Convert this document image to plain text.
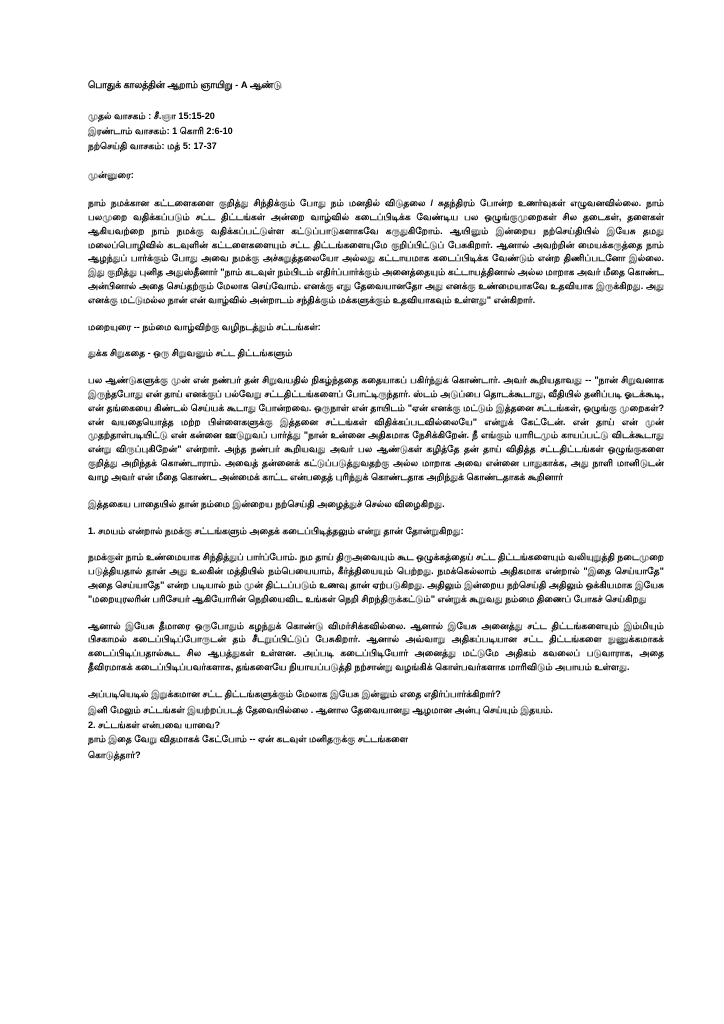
பொதுக் காலத்தின் ஆறாம் ஞாயிறு - A ஆண்டு
முதல் வாசகம் : சீ.ஞா 15:15-20
இரண்டாம் வாசகம்: 1 கொரி 2:6-10
நற்செய்தி வாசகம்: மத் 5: 17-37
முன்னுரை:

நாம் நமக்கான கட்டளைகளை குறித்து சிந்திக்கும் போது நம் மனதில் விடுதலை / சுதந்திரம் போன்ற உணர்வுகள் எழுவனவில்லை. நாம் பலமுறை வதிக்கப்படும் சட்ட திட்டங்கள் அன்றை வாழ்வில் கடைப்பிடிக்க வேண்டிய பல ஒழுங்குமுறைகள் சில தடைகள், தளைகள் ஆகியவற்றை நாம் நமக்கு வதிக்கப்பட்டுள்ள கட்டுப்பாடுகளாகவே கருதுகிறோம். ஆயினும் இன்றைய நற்செய்தியில் இயேசு தமது மலைப்பொழிவில் கடவுளின் கட்டளைகளையும் சட்ட திட்டங்களையுமே குறிப்பிட்டுப் பேசுகிறார். ஆனால் அவற்றின் மையக்கருத்தை நாம் ஆழந்துப் பார்க்கும் போது அவை நமக்கு அச்சுறுத்தலையோ அல்லது கட்டாயமாக கடைப்பிடிக்க வேண்டும் என்ற திணிப்படனோ இல்லை. இது குறித்து புனித அதுஸ்தீனார் "நாம் கடவுள் நம்பிடம் எதிர்ப்பார்க்கும் அனைத்தையும் கட்டாயத்தினால் அல்ல மாறாக அவர் மீதை கொண்ட அன்பினால் அதை செய்தற்கும் மேலாக செய்வோம். எனக்கு எது தேவையானதோ அது எனக்கு உண்மையாகவே உதவியாக இருக்கிறது. அது எனக்கு மட்டுமல்ல நான் என் வாழ்வில் அன்றாடம் சந்திக்கும் மக்களுக்கும் உதவியாகவும் உள்ளது" என்கிறார்.

மறையுரை -- நம்மை வாழ்விற்கு வழிநடத்தும் சட்டங்கள்:
துக்க சிறுகதை - ஒரு சிறுவனும் சட்ட திட்டங்களும்

பல ஆண்டுகளுக்கு முன் என் நண்பர் தன் சிறுவயதில் நிகழ்ந்ததை கதையாகப் பகிர்ந்துக் கொண்டார். அவர் கூறியதாவது -- "நான் சிறுவனாக இருந்தபோது என் தாய் எனக்குப் பல்வேறு சட்டதிட்டங்களைப் போட்டிருந்தார். ஸ்டம் அடுப்பை தொடக்கூடாது, வீதியில் தனிப்படி ஓடக்கூடி, என் தங்கையை கிண்டல் செய்யக் கூடாது போன்றவை. ஒருநாள் என் தாயிடம் "ஏன் எனக்கு மட்டும் இத்தனை சட்டங்கள், ஒழுங்கு முறைகள்? என் வயதையொத்த மற்ற பிள்ளைகளுக்கு இத்தனை சட்டங்கள் விதிக்கப்படவில்லையே" என்றுக் கேட்டேன். என் தாய் என் முன் முதற்தாள்படியிட்டு என் கன்னை ஊடுறுவப் பார்த்து "நான் உன்னை அதிகமாக நேசிக்கிறேன். நீ எங்கும் யாரிடமும் காயப்பட்டு விடக்கூடாது என்று விருப்புகிறேன்" என்றார். அந்த நண்பர் கூறியவது அவர் பல ஆண்டுகள் கழித்தே தன் தாய் விதித்த சட்டதிட்டங்கள் ஒழுங்குகளை குறித்து அறிந்தக் கொண்டாராம். அவைத் தன்னைக் கட்டுப்படுத்துவதற்கு அல்ல மாறாக அவை என்னை பாதுகாக்க, அது நாளி மானிடுடன் வாழ அவர் என் மீதை கொண்ட அன்மைக் காட்ட என்பதைத் புரிந்துக் கொண்டதாக அறிந்துக் கொண்டதாகக் கூறினார்

இத்தகைய பாதையில் தான் நம்மை இன்றைய நற்செய்தி அழைத்துச் செல்ல விழைகிறது.

1. சமயம் என்றால் நமக்கு சட்டங்களும் அதைக் கடைப்பிடித்தலும் என்று தான் தோன்றுகிறது:

நமக்குள் நாம் உண்மையாக சிந்தித்துப் பார்ப்போம். நம தாய் திருஅவையும் கூட ஒழுக்கத்தைய் சட்ட திட்டங்களையும் வலியுறுத்தி நடைமுறை படுத்தியதால் தான் அது உலகின் மத்தியில் நம்பெயையாம், கீர்த்தியையும் பெற்றது. நமக்கெல்லாம் அதிகமாக என்றால் "இதை செய்யாதே" அதை செய்யாதே" என்ற படியால் நம் முன் திட்டப்படும் உணவு தான் ஏற்படுகிறது. அதிலும் இன்றைய நற்செய்தி அதிலும் ஒக்கியமாக இயேசு "மறையுரலரின் பரிசேயர் ஆகியோரின் நெறியைவிட உங்கள் நெறி சிறந்திருக்கட்டும்" என்றுக் கூறுவது நம்மை திணைப் போகச் செய்கிறது

ஆனால் இயேசு தீமாரை ஒருபோதும் கழந்துக் கொண்டு விமர்சிக்கவில்லை. ஆனால் இயேசு அனைத்து சட்ட திட்டங்களையும் இம்மியும் பிசகாமல் கடைப்பிடிப்போருடன் தம் சீடறுப்பிட்டுப் பேசுகிறார். ஆனால் அவ்வாறு அதிகப்படியான சட்ட திட்டங்களை நுணுக்கமாகக் கடைப்பிடிப்பதால்கூட சில ஆபத்துகள் உள்ளன. அப்படி கடைப்பிடியோர் அனைத்து மட்டுமே அதிகம் கவலைப் படுவாராக, அதை தீவிரமாகக் கடைப்பிடிப்பவர்களாக, தங்களையே நியாயப்படுத்தி நற்சான்று வழங்கிக் கொள்பவர்களாக மாரிவிடும் அபாயம் உள்ளது.

அப்படியெடில் இறுக்கமான சட்ட திட்டங்களுக்கும் மேலாக இயேசு இன்னும் எதை எதிர்ப்பார்க்கிறார்?

இனி மேலும் சட்டங்கள் இயற்றப்படத் தேவையில்லை . ஆனால தேவையானது ஆழமான அன்பு செய்யும் இதயம்.

2. சட்டங்கள் என்பவை யாவை?

நாம் இதை வேறு விதமாகக் கேட்போம் -- ஏன் கடவுள் மனிதருக்கு சட்டங்களை

கொடுத்தார்?
